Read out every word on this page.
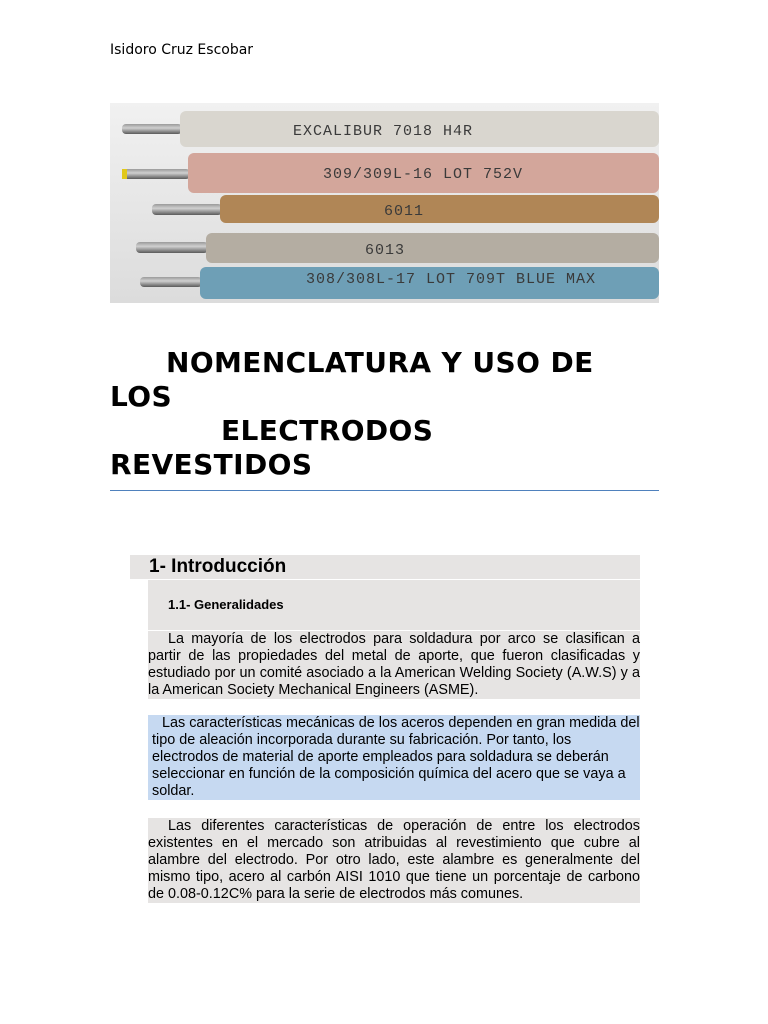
Isidoro Cruz Escobar
EXCALIBUR 7018 H4R
309/309L-16 LOT 752V
6011
6013
308/308L-17 LOT 709T BLUE MAX
NOMENCLATURA Y USO DE
LOS
ELECTRODOS
REVESTIDOS
1- Introducción
1.1- Generalidades

La mayoría de los electrodos para soldadura por arco se clasifican a partir de las propiedades del metal de aporte, que fueron clasificadas y estudiado por un comité asociado a la American Welding Society (A.W.S) y a la American Society Mechanical Engineers (ASME).

Las características mecánicas de los aceros dependen en gran medida del tipo de aleación incorporada durante su fabricación. Por tanto, los electrodos de material de aporte empleados para soldadura se deberán seleccionar en función de la composición química del acero que se vaya a soldar.

Las diferentes características de operación de entre los electrodos existentes en el mercado son atribuidas al revestimiento que cubre al alambre del electrodo. Por otro lado, este alambre es generalmente del mismo tipo, acero al carbón AISI 1010 que tiene un porcentaje de carbono de 0.08-0.12C% para la serie de electrodos más comunes.
